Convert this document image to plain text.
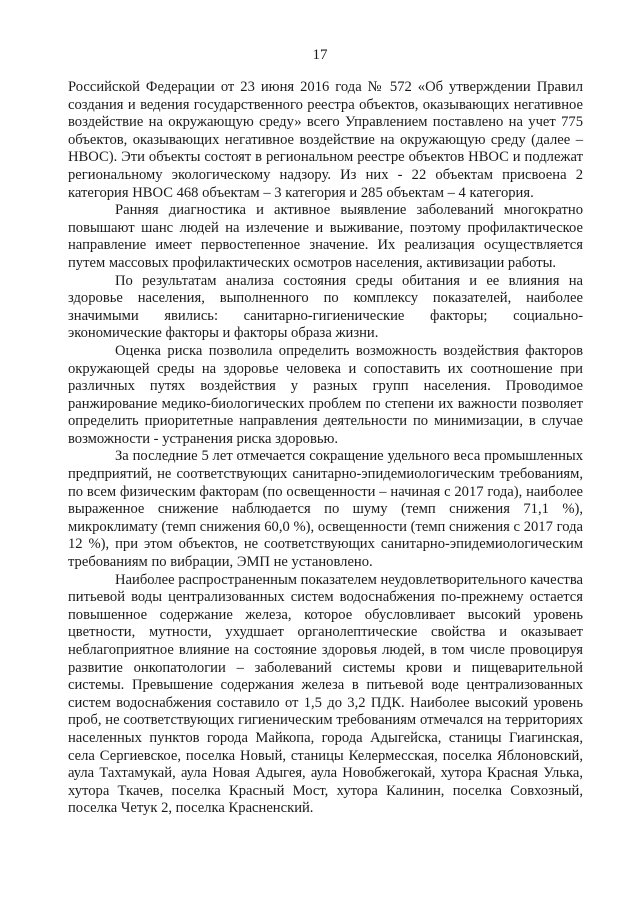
17

Российской Федерации от 23 июня 2016 года № 572 «Об утверждении Правил создания и ведения государственного реестра объектов, оказывающих негативное воздействие на окружающую среду» всего Управлением поставлено на учет 775 объектов, оказывающих негативное воздействие на окружающую среду (далее – НВОС). Эти объекты состоят в региональном реестре объектов НВОС и подлежат региональному экологическому надзору. Из них - 22 объектам присвоена 2 категория НВОС 468 объектам – 3 категория и 285 объектам – 4 категория.

Ранняя диагностика и активное выявление заболеваний многократно повышают шанс людей на излечение и выживание, поэтому профилактическое направление имеет первостепенное значение. Их реализация осуществляется путем массовых профилактических осмотров населения, активизации работы.

По результатам анализа состояния среды обитания и ее влияния на здоровье населения, выполненного по комплексу показателей, наиболее значимыми явились: санитарно-гигиенические факторы; социально-экономические факторы и факторы образа жизни.

Оценка риска позволила определить возможность воздействия факторов окружающей среды на здоровье человека и сопоставить их соотношение при различных путях воздействия у разных групп населения. Проводимое ранжирование медико-биологических проблем по степени их важности позволяет определить приоритетные направления деятельности по минимизации, в случае возможности - устранения риска здоровью.

За последние 5 лет отмечается сокращение удельного веса промышленных предприятий, не соответствующих санитарно-эпидемиологическим требованиям, по всем физическим факторам (по освещенности – начиная с 2017 года), наиболее выраженное снижение наблюдается по шуму (темп снижения 71,1 %), микроклимату (темп снижения 60,0 %), освещенности (темп снижения с 2017 года 12 %), при этом объектов, не соответствующих санитарно-эпидемиологическим требованиям по вибрации, ЭМП не установлено.

Наиболее распространенным показателем неудовлетворительного качества питьевой воды централизованных систем водоснабжения по-прежнему остается повышенное содержание железа, которое обусловливает высокий уровень цветности, мутности, ухудшает органолептические свойства и оказывает неблагоприятное влияние на состояние здоровья людей, в том числе провоцируя развитие онкопатологии – заболеваний системы крови и пищеварительной системы. Превышение содержания железа в питьевой воде централизованных систем водоснабжения составило от 1,5 до 3,2 ПДК. Наиболее высокий уровень проб, не соответствующих гигиеническим требованиям отмечался на территориях населенных пунктов города Майкопа, города Адыгейска, станицы Гиагинская, села Сергиевское, поселка Новый, станицы Келермесская, поселка Яблоновский, аула Тахтамукай, аула Новая Адыгея, аула Новобжегокай, хутора Красная Улька, хутора Ткачев, поселка Красный Мост, хутора Калинин, поселка Совхозный, поселка Четук 2, поселка Красненский.
